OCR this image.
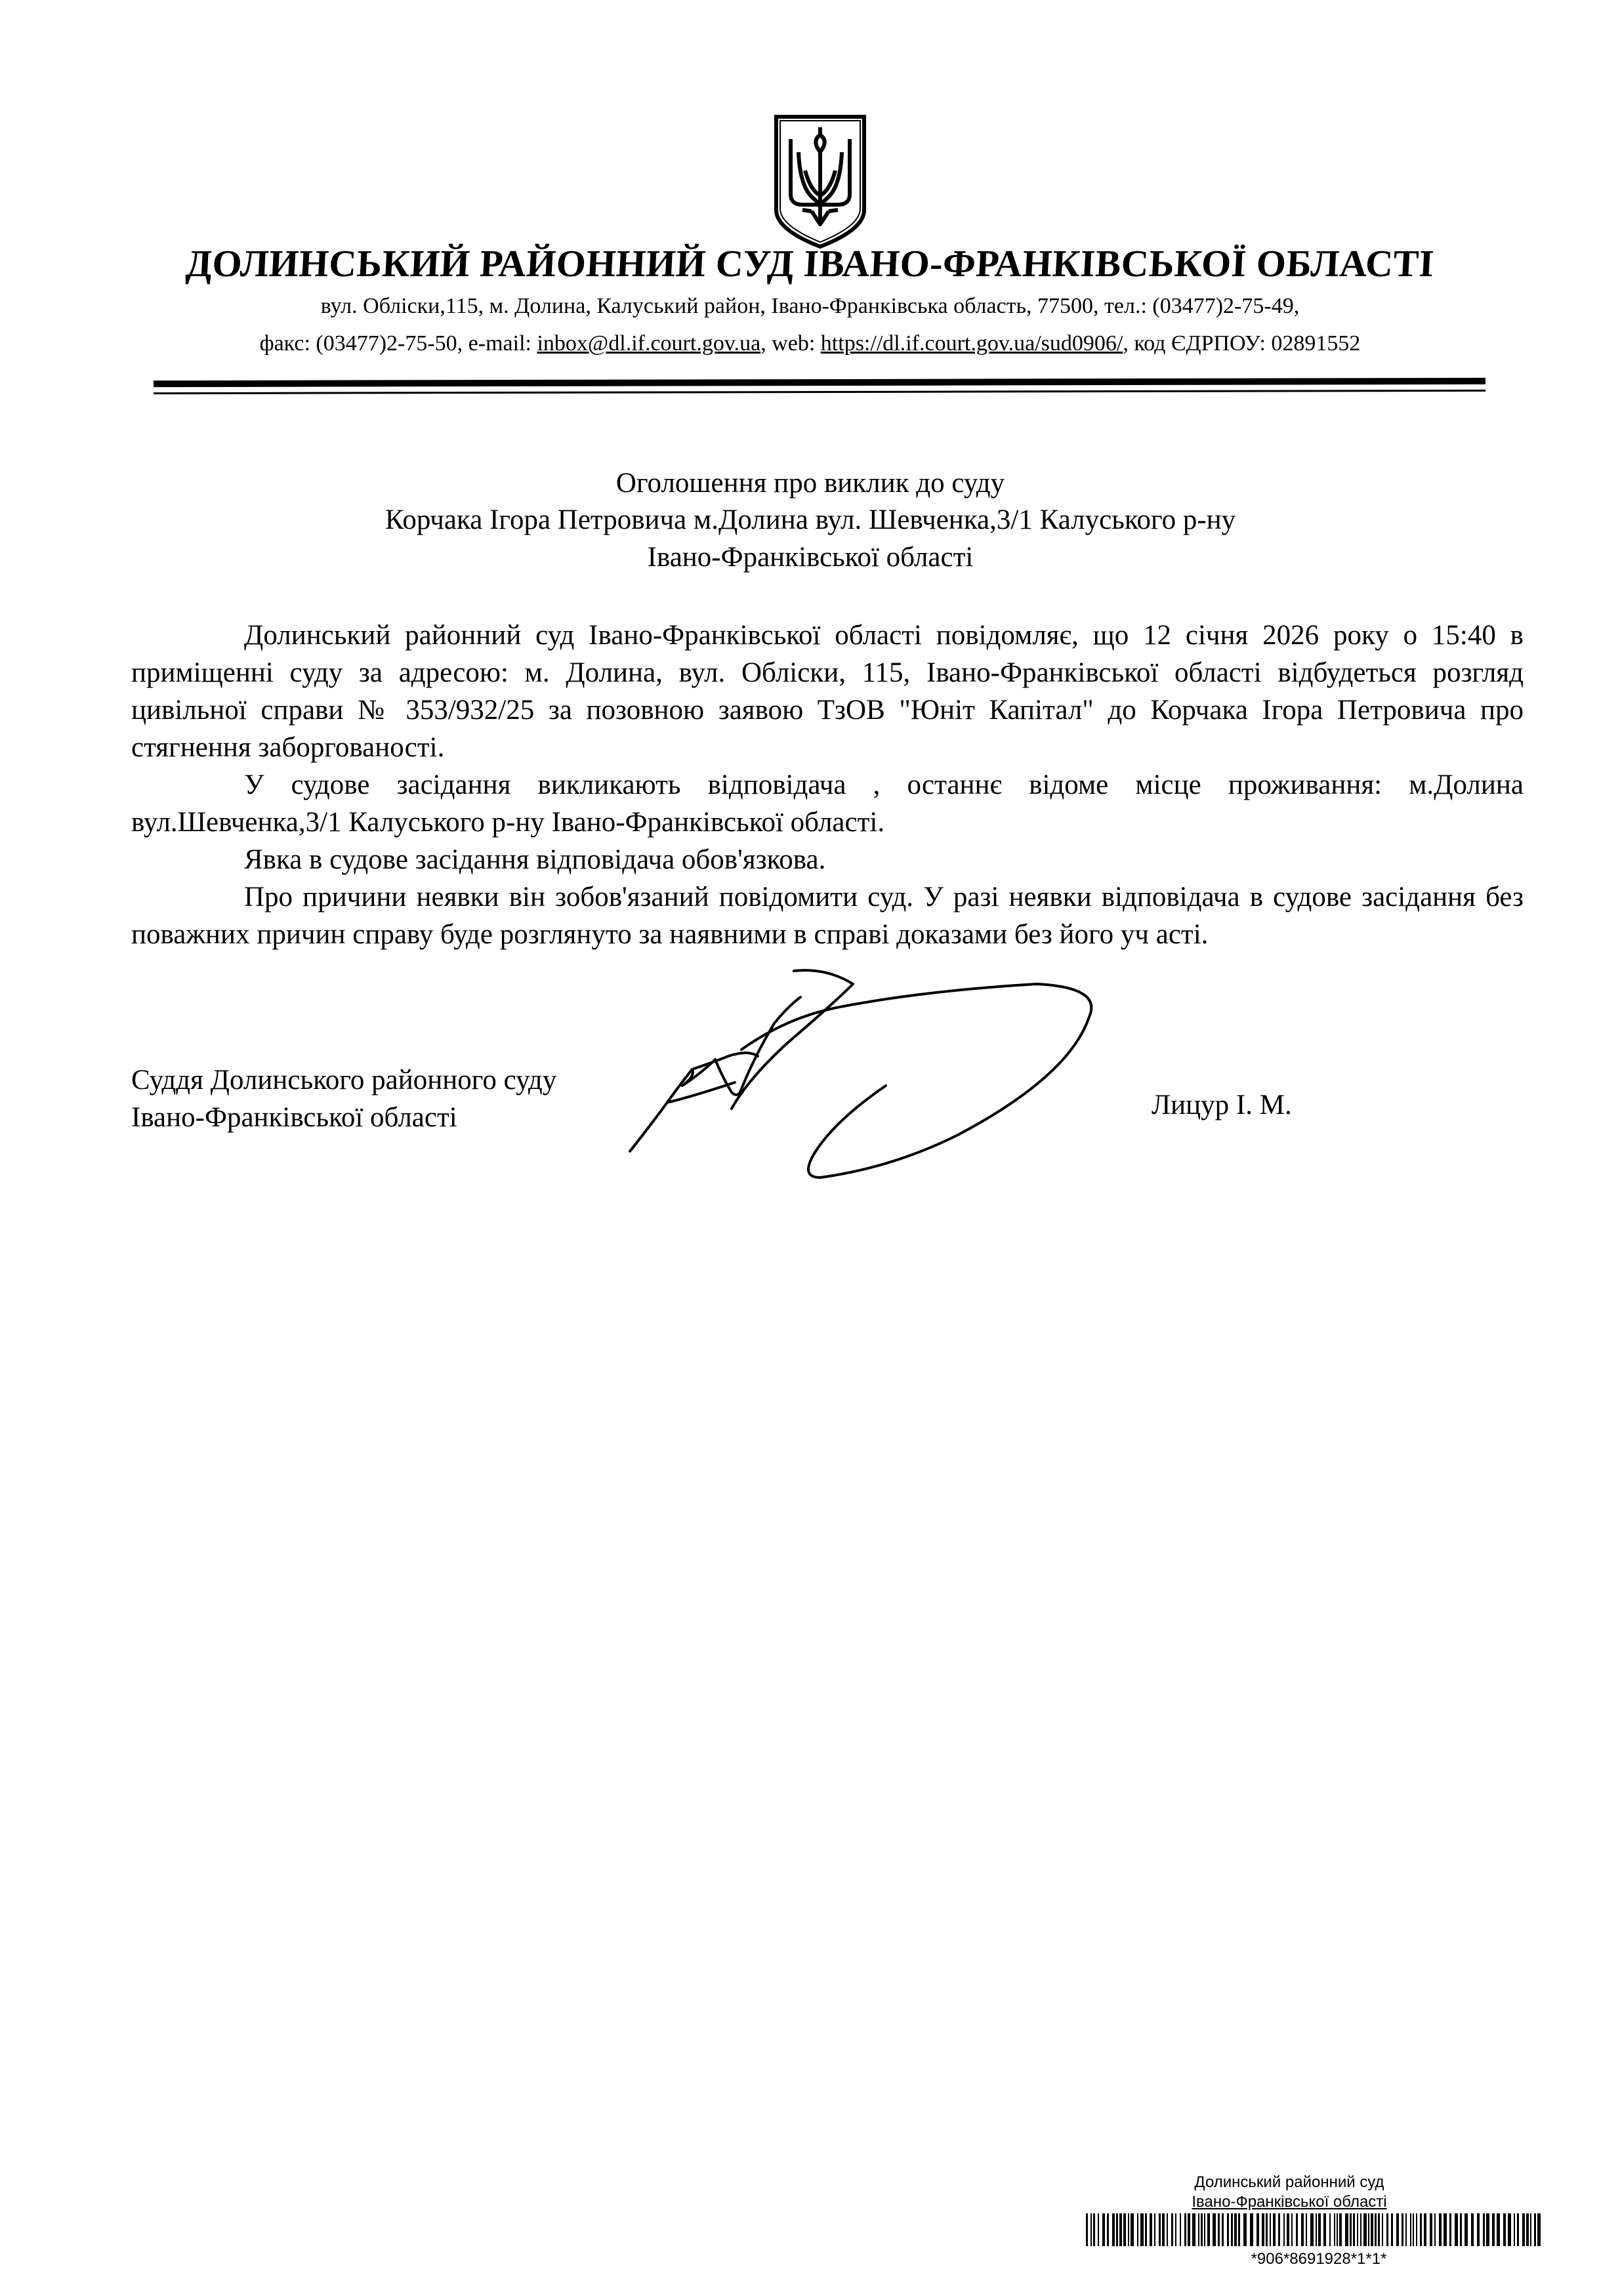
ДОЛИНСЬКИЙ РАЙОННИЙ СУД ІВАНО-ФРАНКІВСЬКОЇ ОБЛАСТІ
вул. Обліски,115, м. Долина, Калуський район, Івано-Франківська область, 77500, тел.: (03477)2-75-49,
факс: (03477)2-75-50, e-mail: inbox@dl.if.court.gov.ua, web: https://dl.if.court.gov.ua/sud0906/, код ЄДРПОУ: 02891552
Оголошення про виклик до суду
Корчака Ігора Петровича м.Долина вул. Шевченка,3/1 Калуського р-ну
Івано-Франківської області

Долинський районний суд Івано-Франківської області повідомляє, що 12 січня 2026 року о 15:40 в приміщенні суду за адресою: м. Долина, вул. Обліски, 115, Івано-Франківської області відбудеться розгляд цивільної справи № 353/932/25 за позовною заявою ТзОВ "Юніт Капітал" до Корчака Ігора Петровича про стягнення заборгованості.

У судове засідання викликають відповідача , останнє відоме місце проживання: м.Долина вул.Шевченка,3/1 Калуського р-ну Івано-Франківської області.

Явка в судове засідання відповідача обов'язкова.

Про причини неявки він зобов'язаний повідомити суд. У разі неявки відповідача в судове засідання без поважних причин справу буде розглянуто за наявними в справі доказами без його уч асті.

Суддя Долинського районного суду
Івано-Франківської області	Лицур І. М.
Долинський районний суд
Івано-Франківської області
*906*8691928*1*1*
